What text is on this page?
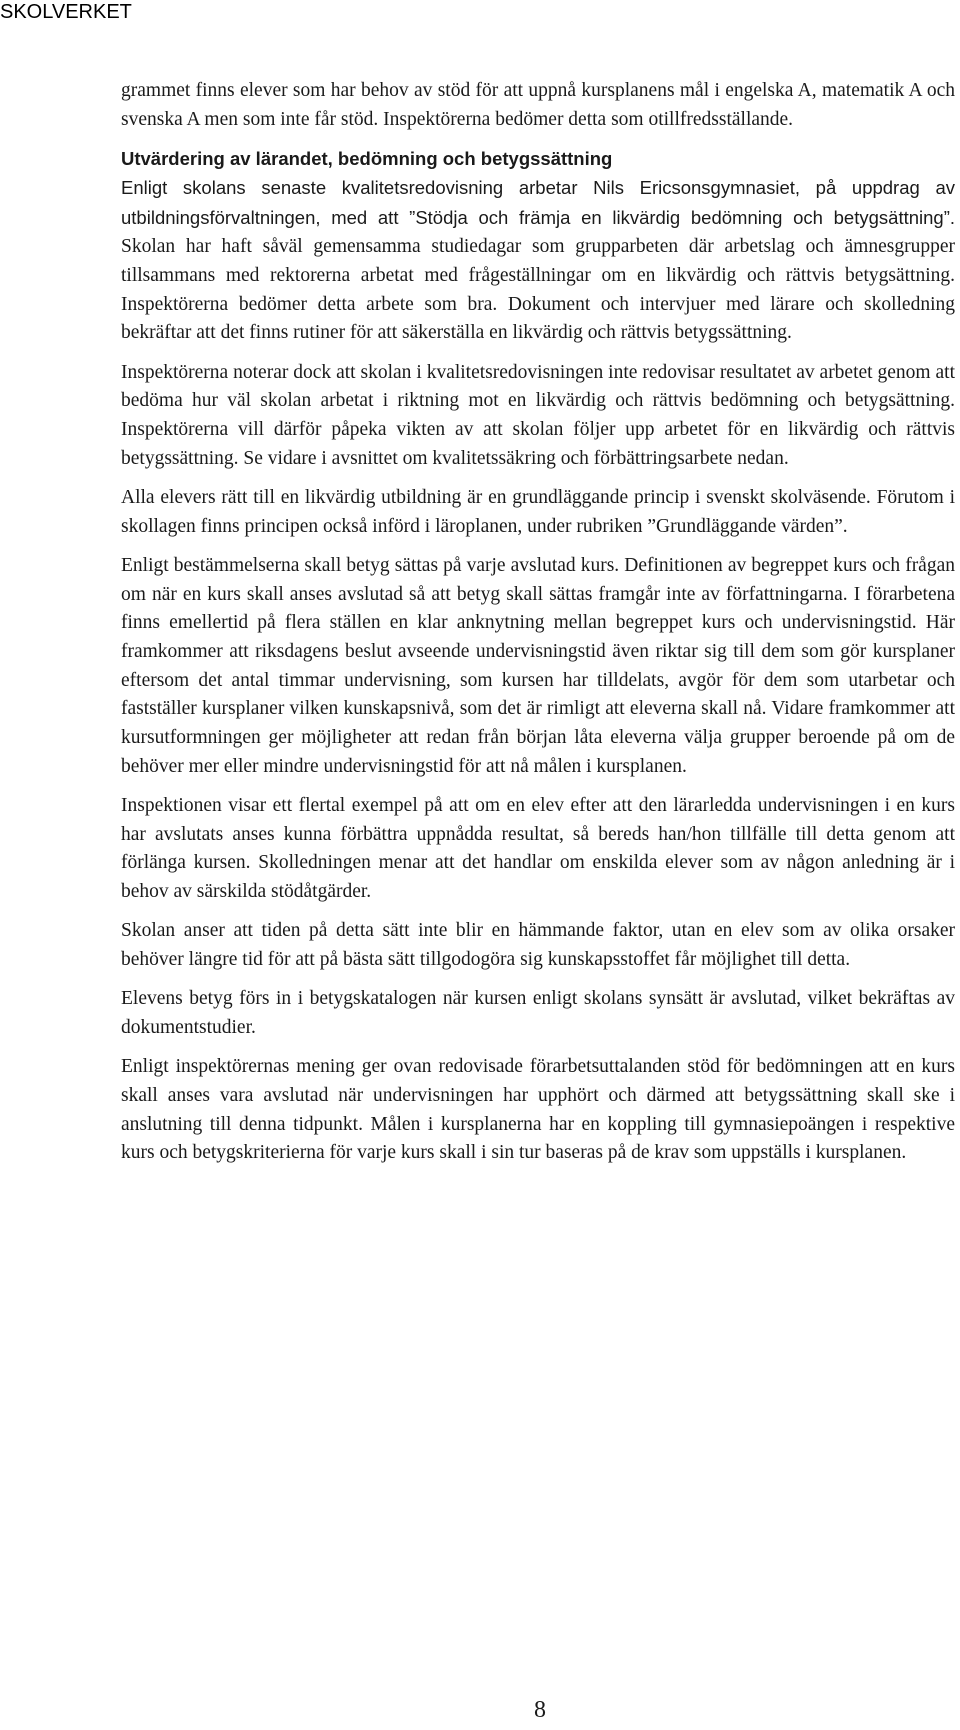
SKOLVERKET

grammet finns elever som har behov av stöd för att uppnå kursplanens mål i engelska A, matematik A och svenska A men som inte får stöd. Inspektörerna bedömer detta som otillfredsställande.

Utvärdering av lärandet, bedömning och betygssättning

Enligt skolans senaste kvalitetsredovisning arbetar Nils Ericsonsgymnasiet, på uppdrag av utbildningsförvaltningen, med att ”Stödja och främja en likvärdig bedömning och betygsättning”. Skolan har haft såväl gemensamma studiedagar som grupparbeten där arbetslag och ämnesgrupper tillsammans med rektorerna arbetat med frågeställningar om en likvärdig och rättvis betygsättning. Inspektörerna bedömer detta arbete som bra. Dokument och intervjuer med lärare och skolledning bekräftar att det finns rutiner för att säkerställa en likvärdig och rättvis betygssättning.

Inspektörerna noterar dock att skolan i kvalitetsredovisningen inte redovisar resultatet av arbetet genom att bedöma hur väl skolan arbetat i riktning mot en likvärdig och rättvis bedömning och betygsättning. Inspektörerna vill därför påpeka vikten av att skolan följer upp arbetet för en likvärdig och rättvis betygssättning. Se vidare i avsnittet om kvalitetssäkring och förbättringsarbete nedan.

Alla elevers rätt till en likvärdig utbildning är en grundläggande princip i svenskt skolväsende. Förutom i skollagen finns principen också införd i läroplanen, under rubriken ”Grundläggande värden”.

Enligt bestämmelserna skall betyg sättas på varje avslutad kurs. Definitionen av begreppet kurs och frågan om när en kurs skall anses avslutad så att betyg skall sättas framgår inte av författningarna. I förarbetena finns emellertid på flera ställen en klar anknytning mellan begreppet kurs och undervisningstid. Här framkommer att riksdagens beslut avseende undervisningstid även riktar sig till dem som gör kursplaner eftersom det antal timmar undervisning, som kursen har tilldelats, avgör för dem som utarbetar och fastställer kursplaner vilken kunskapsnivå, som det är rimligt att eleverna skall nå. Vidare framkommer att kursutformningen ger möjligheter att redan från början låta eleverna välja grupper beroende på om de behöver mer eller mindre undervisningstid för att nå målen i kursplanen.

Inspektionen visar ett flertal exempel på att om en elev efter att den lärarledda undervisningen i en kurs har avslutats anses kunna förbättra uppnådda resultat, så bereds han/hon tillfälle till detta genom att förlänga kursen. Skolledningen menar att det handlar om enskilda elever som av någon anledning är i behov av särskilda stödåtgärder.

Skolan anser att tiden på detta sätt inte blir en hämmande faktor, utan en elev som av olika orsaker behöver längre tid för att på bästa sätt tillgodogöra sig kunskapsstoffet får möjlighet till detta.

Elevens betyg förs in i betygskatalogen när kursen enligt skolans synsätt är avslutad, vilket bekräftas av dokumentstudier.

Enligt inspektörernas mening ger ovan redovisade förarbetsuttalanden stöd för bedömningen att en kurs skall anses vara avslutad när undervisningen har upphört och därmed att betygssättning skall ske i anslutning till denna tidpunkt. Målen i kursplanerna har en koppling till gymnasiepoängen i respektive kurs och betygskriterierna för varje kurs skall i sin tur baseras på de krav som uppställs i kursplanen.

8
